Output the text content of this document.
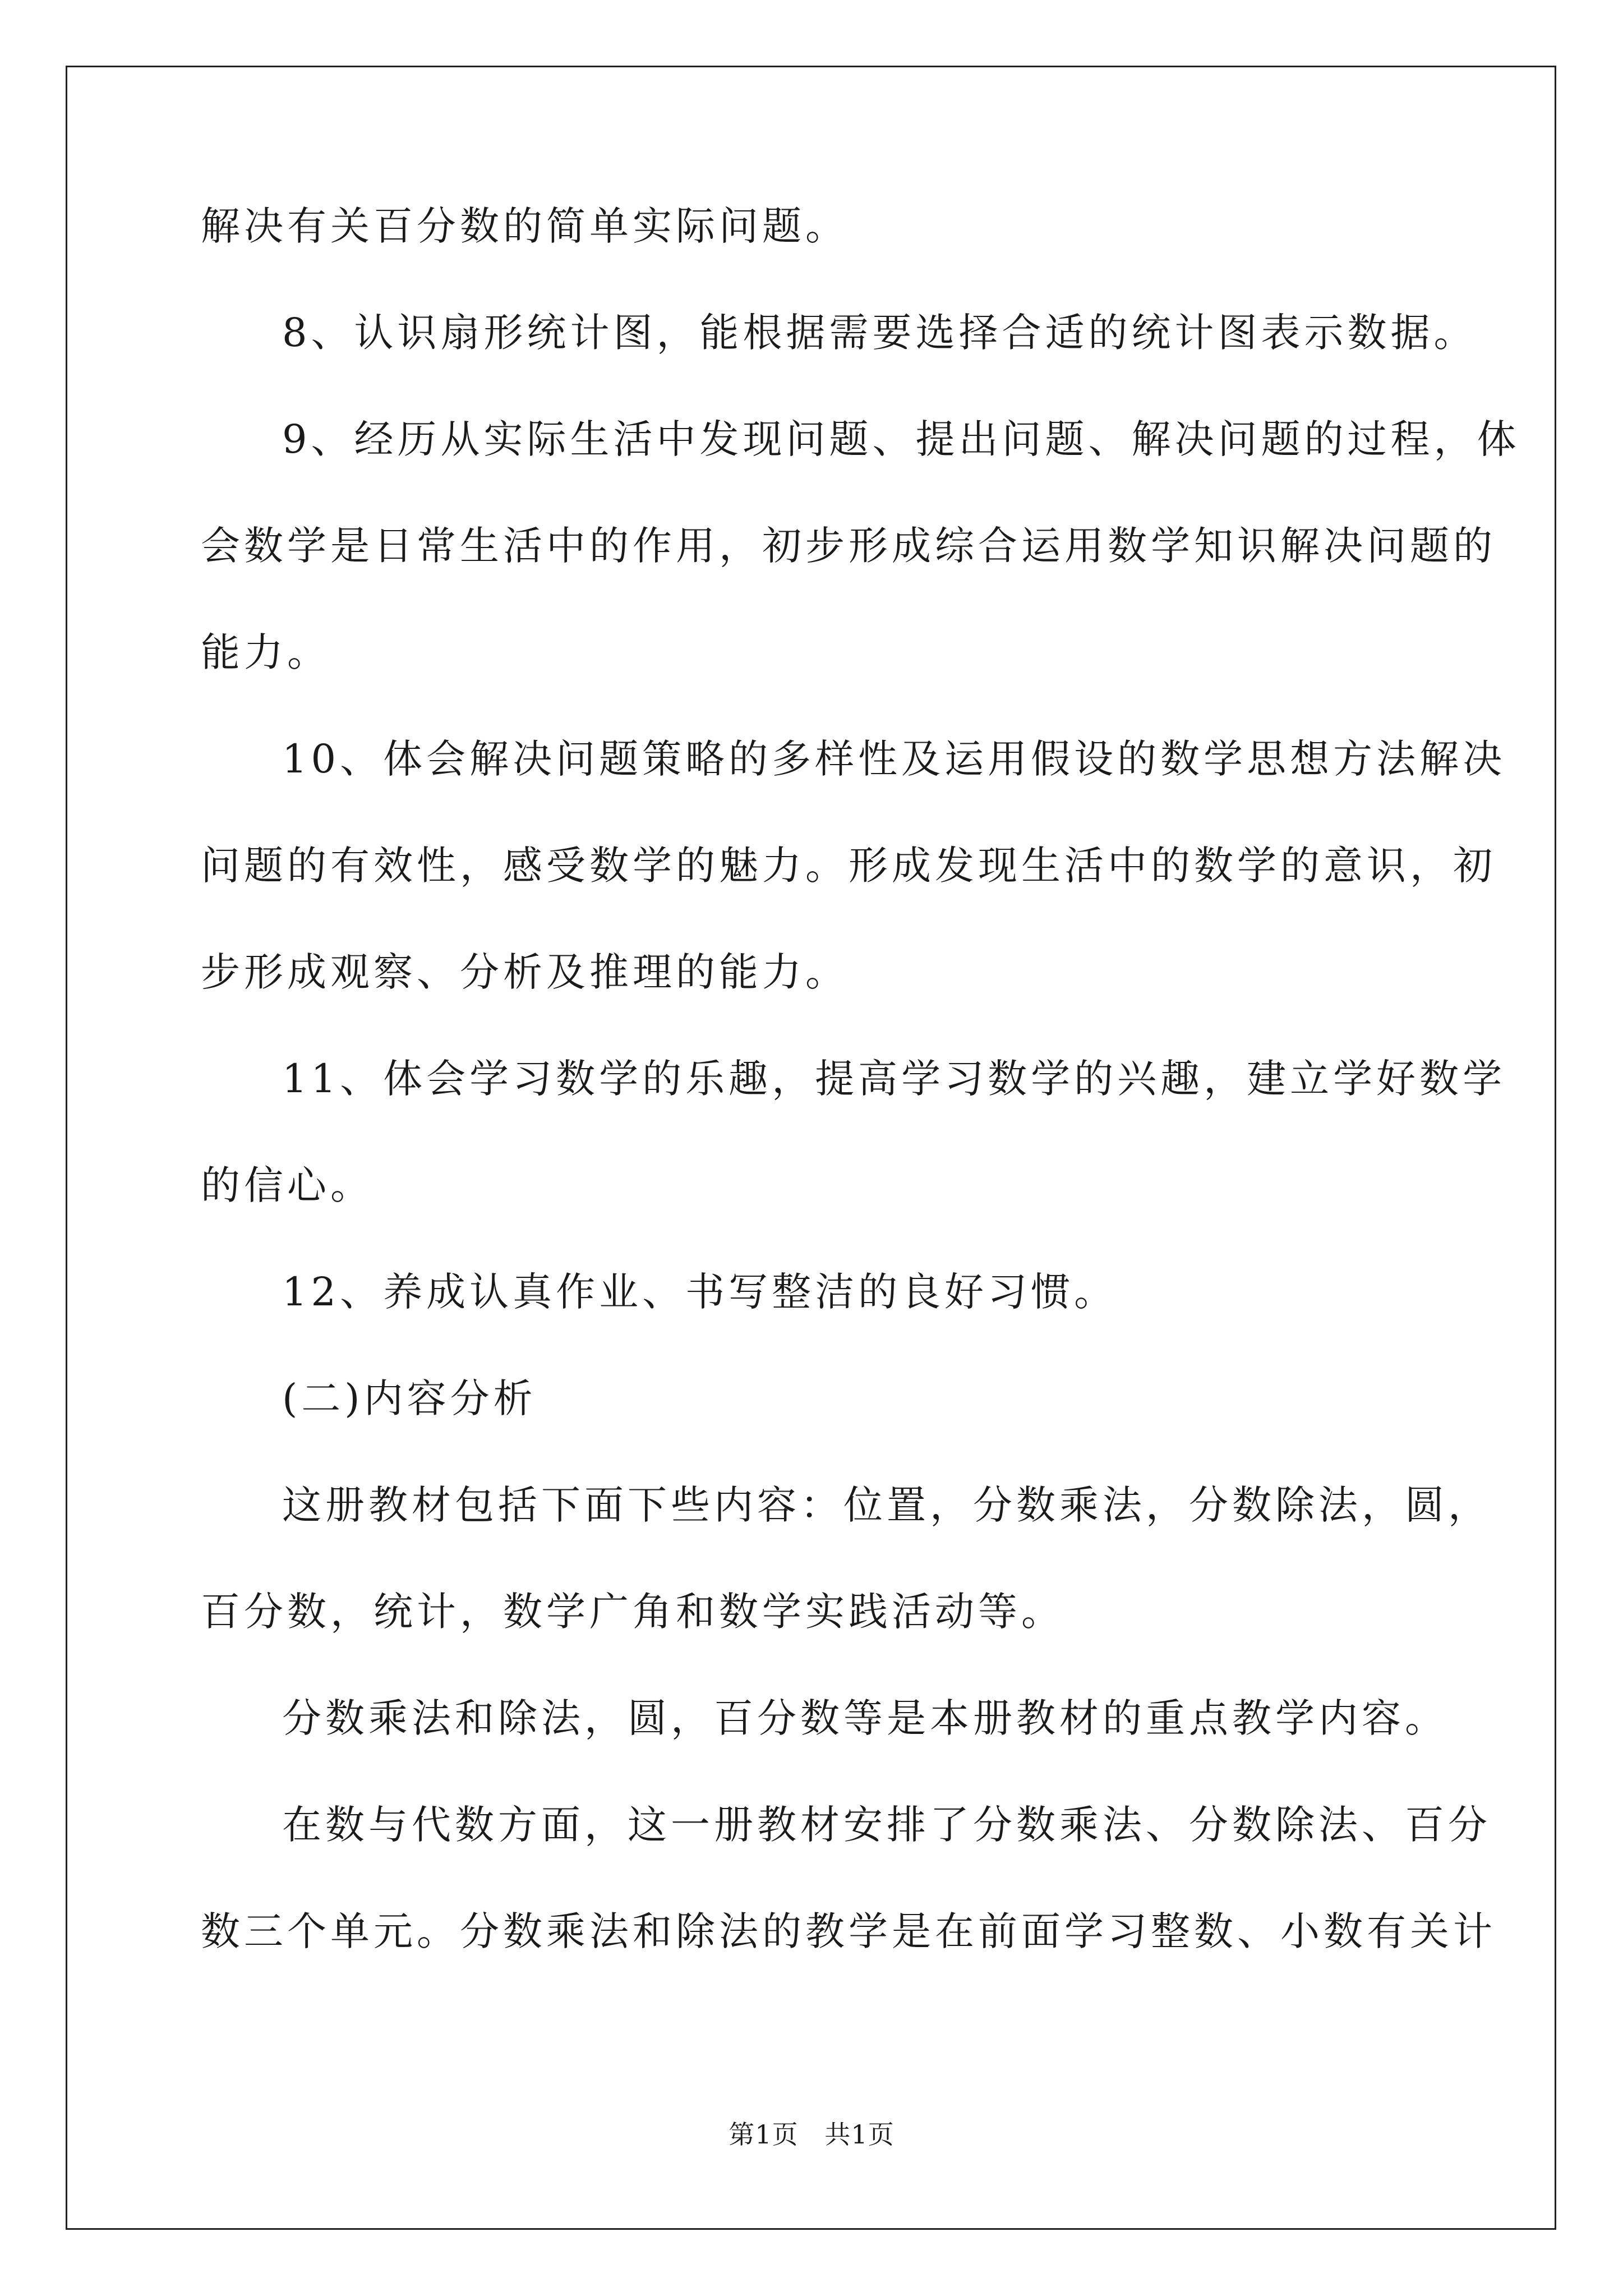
解决有关百分数的简单实际问题。
8、认识扇形统计图，能根据需要选择合适的统计图表示数据。
9、经历从实际生活中发现问题、提出问题、解决问题的过程，体
会数学是日常生活中的作用，初步形成综合运用数学知识解决问题的
能力。
10、体会解决问题策略的多样性及运用假设的数学思想方法解决
问题的有效性，感受数学的魅力。形成发现生活中的数学的意识，初
步形成观察、分析及推理的能力。
11、体会学习数学的乐趣，提高学习数学的兴趣，建立学好数学
的信心。
12、养成认真作业、书写整洁的良好习惯。
(二)内容分析
这册教材包括下面下些内容：位置，分数乘法，分数除法，圆，
百分数，统计，数学广角和数学实践活动等。
分数乘法和除法，圆，百分数等是本册教材的重点教学内容。
在数与代数方面，这一册教材安排了分数乘法、分数除法、百分
数三个单元。分数乘法和除法的教学是在前面学习整数、小数有关计
第1页   共1页
